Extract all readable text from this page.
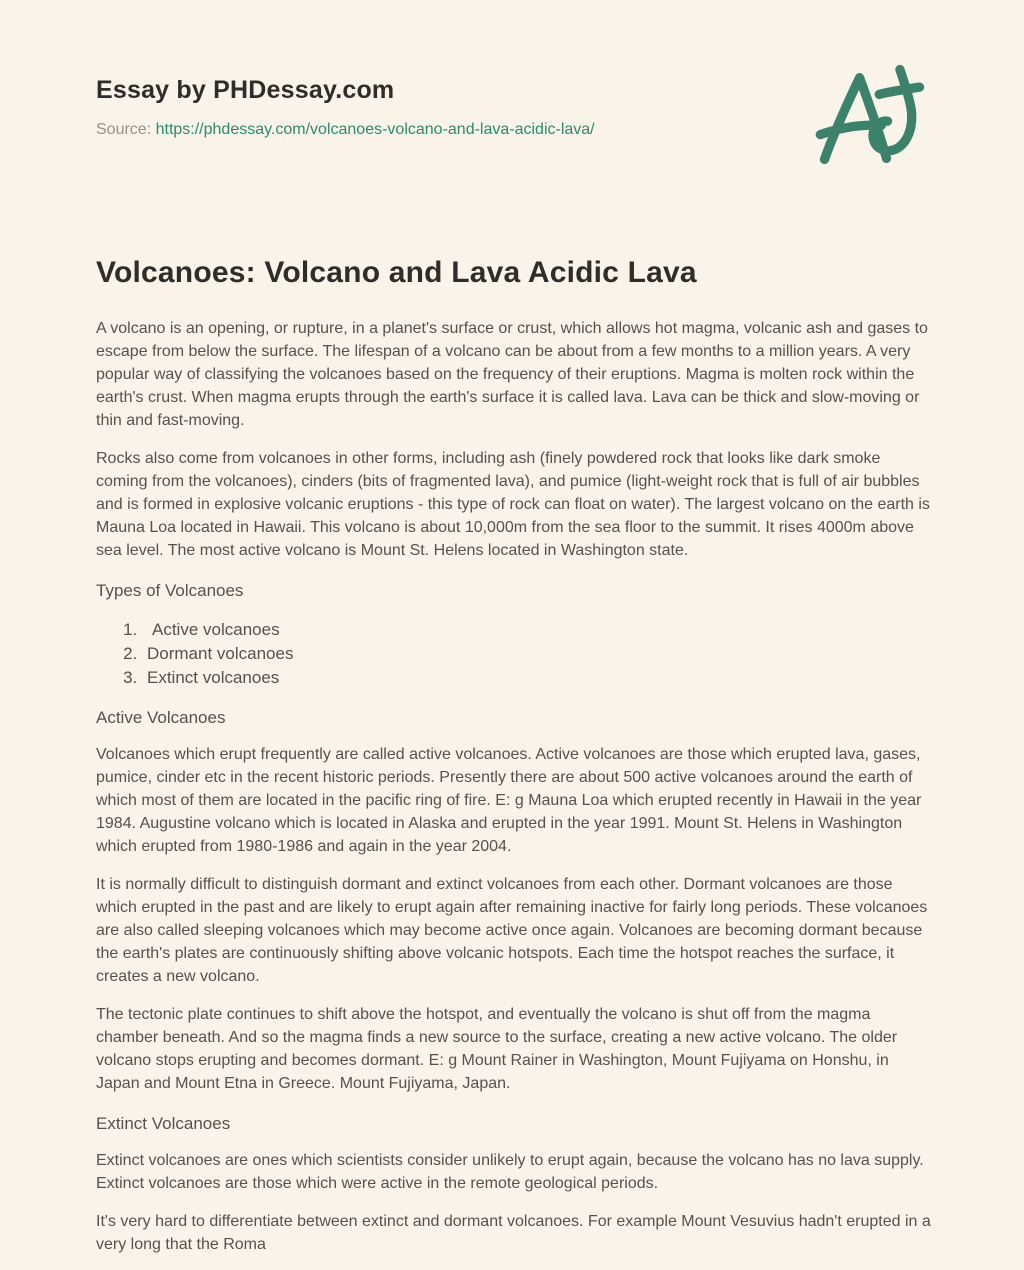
Essay by PHDessay.com

Source: https://phdessay.com/volcanoes-volcano-and-lava-acidic-lava/

Volcanoes: Volcano and Lava Acidic Lava

A volcano is an opening, or rupture, in a planet's surface or crust, which allows hot magma, volcanic ash and gases to escape from below the surface. The lifespan of a volcano can be about from a few months to a million years. A very popular way of classifying the volcanoes based on the frequency of their eruptions. Magma is molten rock within the earth's crust. When magma erupts through the earth's surface it is called lava. Lava can be thick and slow-moving or thin and fast-moving.

Rocks also come from volcanoes in other forms, including ash (finely powdered rock that looks like dark smoke coming from the volcanoes), cinders (bits of fragmented lava), and pumice (light-weight rock that is full of air bubbles and is formed in explosive volcanic eruptions - this type of rock can float on water). The largest volcano on the earth is Mauna Loa located in Hawaii. This volcano is about 10,000m from the sea floor to the summit. It rises 4000m above sea level. The most active volcano is Mount St. Helens located in Washington state.

Types of Volcanoes
1. Active volcanoes
2. Dormant volcanoes
3. Extinct volcanoes
Active Volcanoes

Volcanoes which erupt frequently are called active volcanoes. Active volcanoes are those which erupted lava, gases, pumice, cinder etc in the recent historic periods. Presently there are about 500 active volcanoes around the earth of which most of them are located in the pacific ring of fire. E: g Mauna Loa which erupted recently in Hawaii in the year 1984. Augustine volcano which is located in Alaska and erupted in the year 1991. Mount St. Helens in Washington which erupted from 1980-1986 and again in the year 2004.

It is normally difficult to distinguish dormant and extinct volcanoes from each other. Dormant volcanoes are those which erupted in the past and are likely to erupt again after remaining inactive for fairly long periods. These volcanoes are also called sleeping volcanoes which may become active once again. Volcanoes are becoming dormant because the earth's plates are continuously shifting above volcanic hotspots. Each time the hotspot reaches the surface, it creates a new volcano.

The tectonic plate continues to shift above the hotspot, and eventually the volcano is shut off from the magma chamber beneath. And so the magma finds a new source to the surface, creating a new active volcano. The older volcano stops erupting and becomes dormant. E: g Mount Rainer in Washington, Mount Fujiyama on Honshu, in Japan and Mount Etna in Greece. Mount Fujiyama, Japan.

Extinct Volcanoes

Extinct volcanoes are ones which scientists consider unlikely to erupt again, because the volcano has no lava supply. Extinct volcanoes are those which were active in the remote geological periods.

It's very hard to differentiate between extinct and dormant volcanoes. For example Mount Vesuvius hadn't erupted in a very long that the Roma
